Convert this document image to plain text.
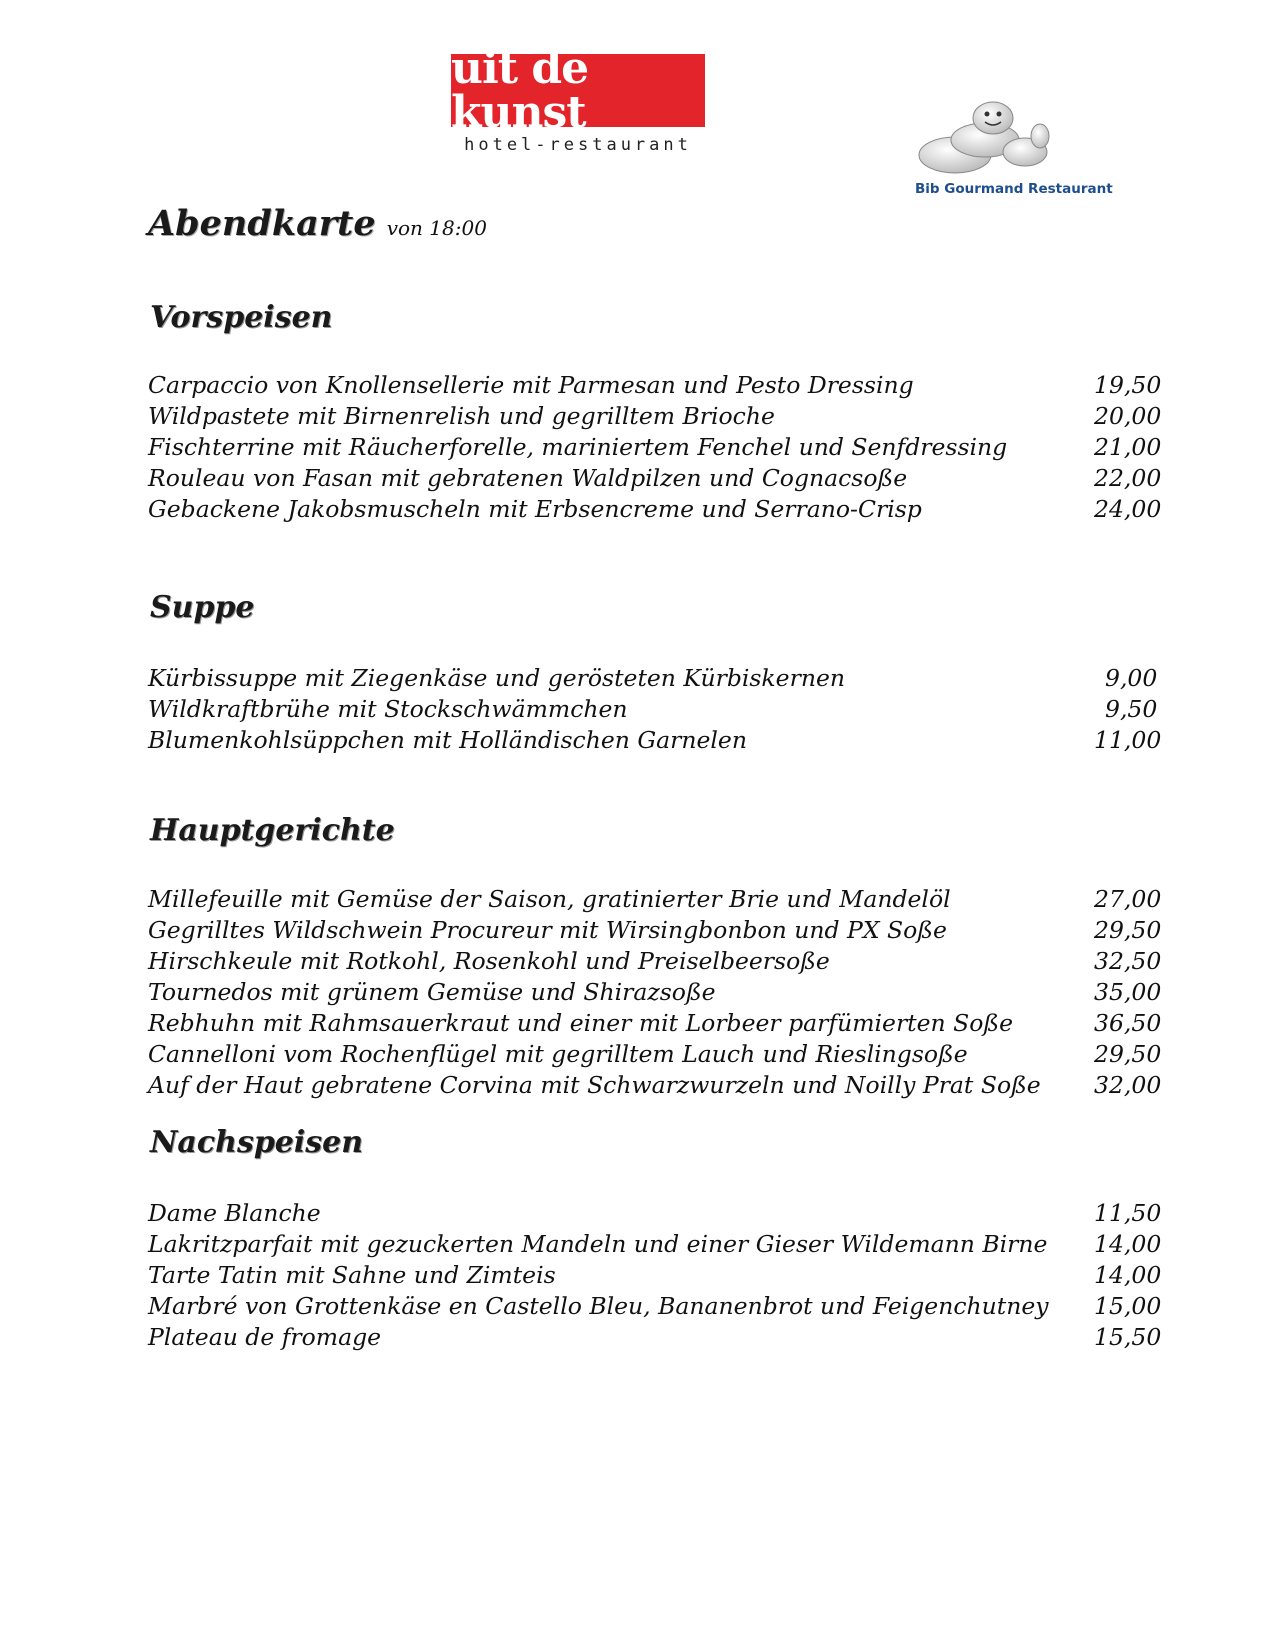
uit de kunst
hotel-restaurant
Bib Gourmand Restaurant
Abendkarte von 18:00
Vorspeisen
Carpaccio von Knollensellerie mit Parmesan und Pesto Dressing	19,50
Wildpastete mit Birnenrelish und gegrilltem Brioche	20,00
Fischterrine mit Räucherforelle, mariniertem Fenchel und Senfdressing	21,00
Rouleau von Fasan mit gebratenen Waldpilzen und Cognacsoße	22,00
Gebackene Jakobsmuscheln mit Erbsencreme und Serrano-Crisp	24,00
Suppe
Kürbissuppe mit Ziegenkäse und gerösteten Kürbiskernen	9,00
Wildkraftbrühe mit Stockschwämmchen	9,50
Blumenkohlsüppchen mit Holländischen Garnelen	11,00
Hauptgerichte
Millefeuille mit Gemüse der Saison, gratinierter Brie und Mandelöl	27,00
Gegrilltes Wildschwein Procureur mit Wirsingbonbon und PX Soße	29,50
Hirschkeule mit Rotkohl, Rosenkohl und Preiselbeersoße	32,50
Tournedos mit grünem Gemüse und Shirazsoße	35,00
Rebhuhn mit Rahmsauerkraut und einer mit Lorbeer parfümierten Soße	36,50
Cannelloni vom Rochenflügel mit gegrilltem Lauch und Rieslingsoße	29,50
Auf der Haut gebratene Corvina mit Schwarzwurzeln und Noilly Prat Soße 32,00
Nachspeisen
Dame Blanche	11,50
Lakritzparfait mit gezuckerten Mandeln und einer Gieser Wildemann Birne 14,00
Tarte Tatin mit Sahne und Zimteis	14,00
Marbré von Grottenkäse en Castello Bleu, Bananenbrot und Feigenchutney 15,00
Plateau de fromage	15,50
